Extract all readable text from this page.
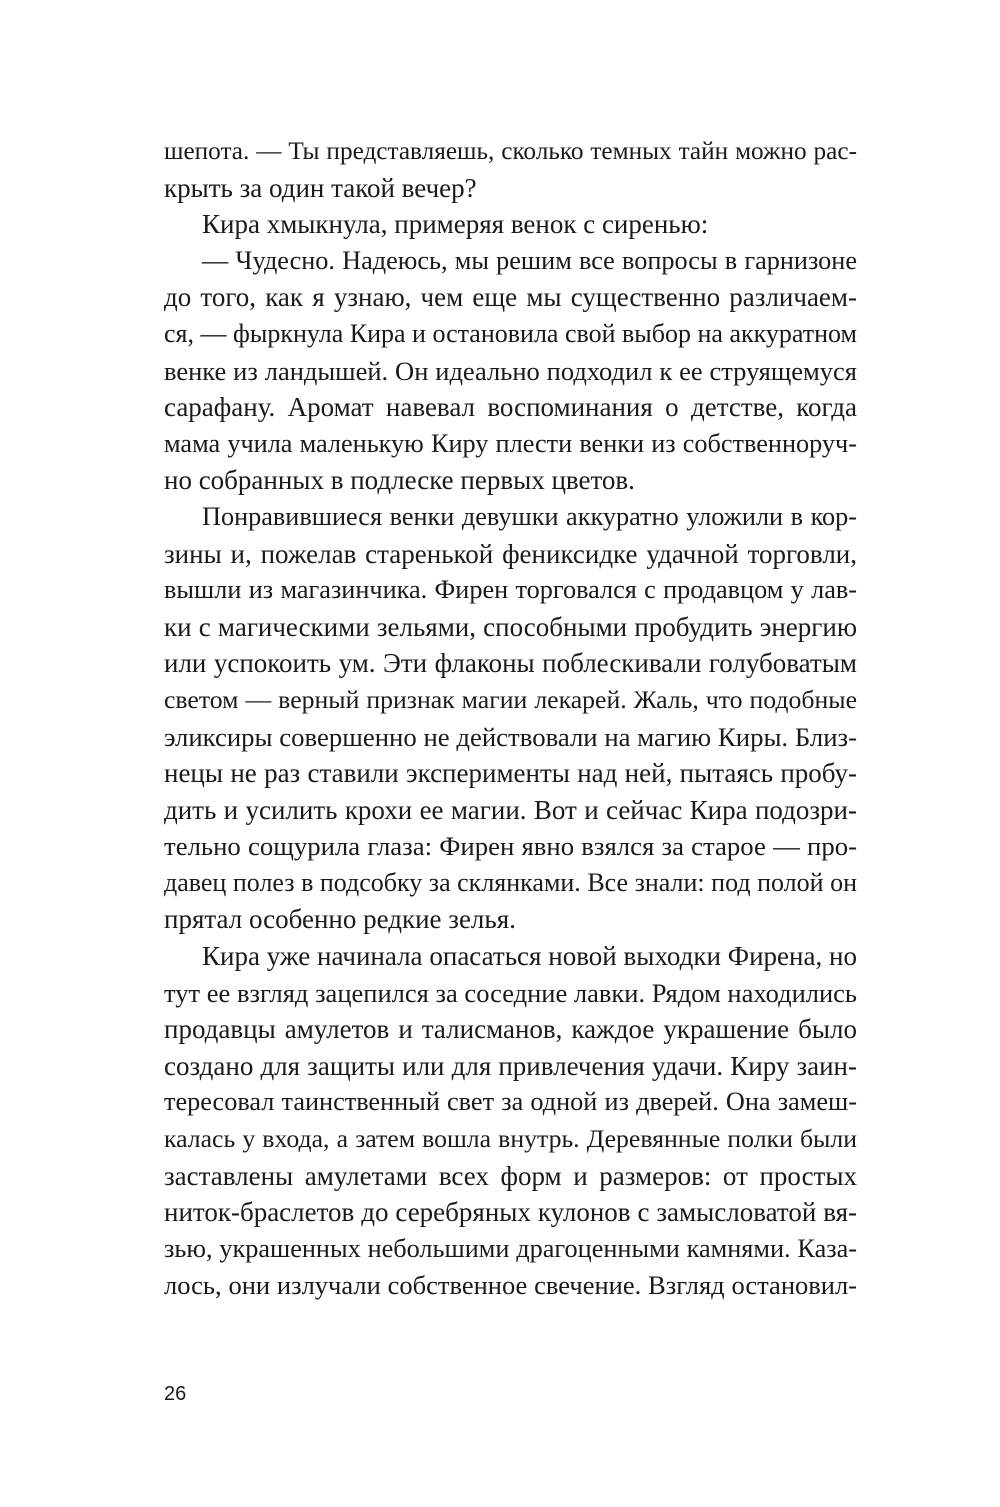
шепота. — Ты представляешь, сколько темных тайн можно рас-

крыть за один такой вечер?

Кира хмыкнула, примеряя венок с сиренью:

— Чудесно. Надеюсь, мы решим все вопросы в гарнизоне

до того, как я узнаю, чем еще мы существенно различаем-

ся, — фыркнула Кира и остановила свой выбор на аккуратном

венке из ландышей. Он идеально подходил к ее струящемуся

сарафану. Аромат навевал воспоминания о детстве, когда

мама учила маленькую Киру плести венки из собственноруч-

но собранных в подлеске первых цветов.

Понравившиеся венки девушки аккуратно уложили в кор-

зины и, пожелав старенькой фениксидке удачной торговли,

вышли из магазинчика. Фирен торговался с продавцом у лав-

ки с магическими зельями, способными пробудить энергию

или успокоить ум. Эти флаконы поблескивали голубоватым

светом — верный признак магии лекарей. Жаль, что подобные

эликсиры совершенно не действовали на магию Киры. Близ-

нецы не раз ставили эксперименты над ней, пытаясь пробу-

дить и усилить крохи ее магии. Вот и сейчас Кира подозри-

тельно сощурила глаза: Фирен явно взялся за старое — про-

давец полез в подсобку за склянками. Все знали: под полой он

прятал особенно редкие зелья.

Кира уже начинала опасаться новой выходки Фирена, но

тут ее взгляд зацепился за соседние лавки. Рядом находились

продавцы амулетов и талисманов, каждое украшение было

создано для защиты или для привлечения удачи. Киру заин-

тересовал таинственный свет за одной из дверей. Она замеш-

калась у входа, а затем вошла внутрь. Деревянные полки были

заставлены амулетами всех форм и размеров: от простых

ниток-браслетов до серебряных кулонов с замысловатой вя-

зью, украшенных небольшими драгоценными камнями. Каза-

лось, они излучали собственное свечение. Взгляд остановил-

26
